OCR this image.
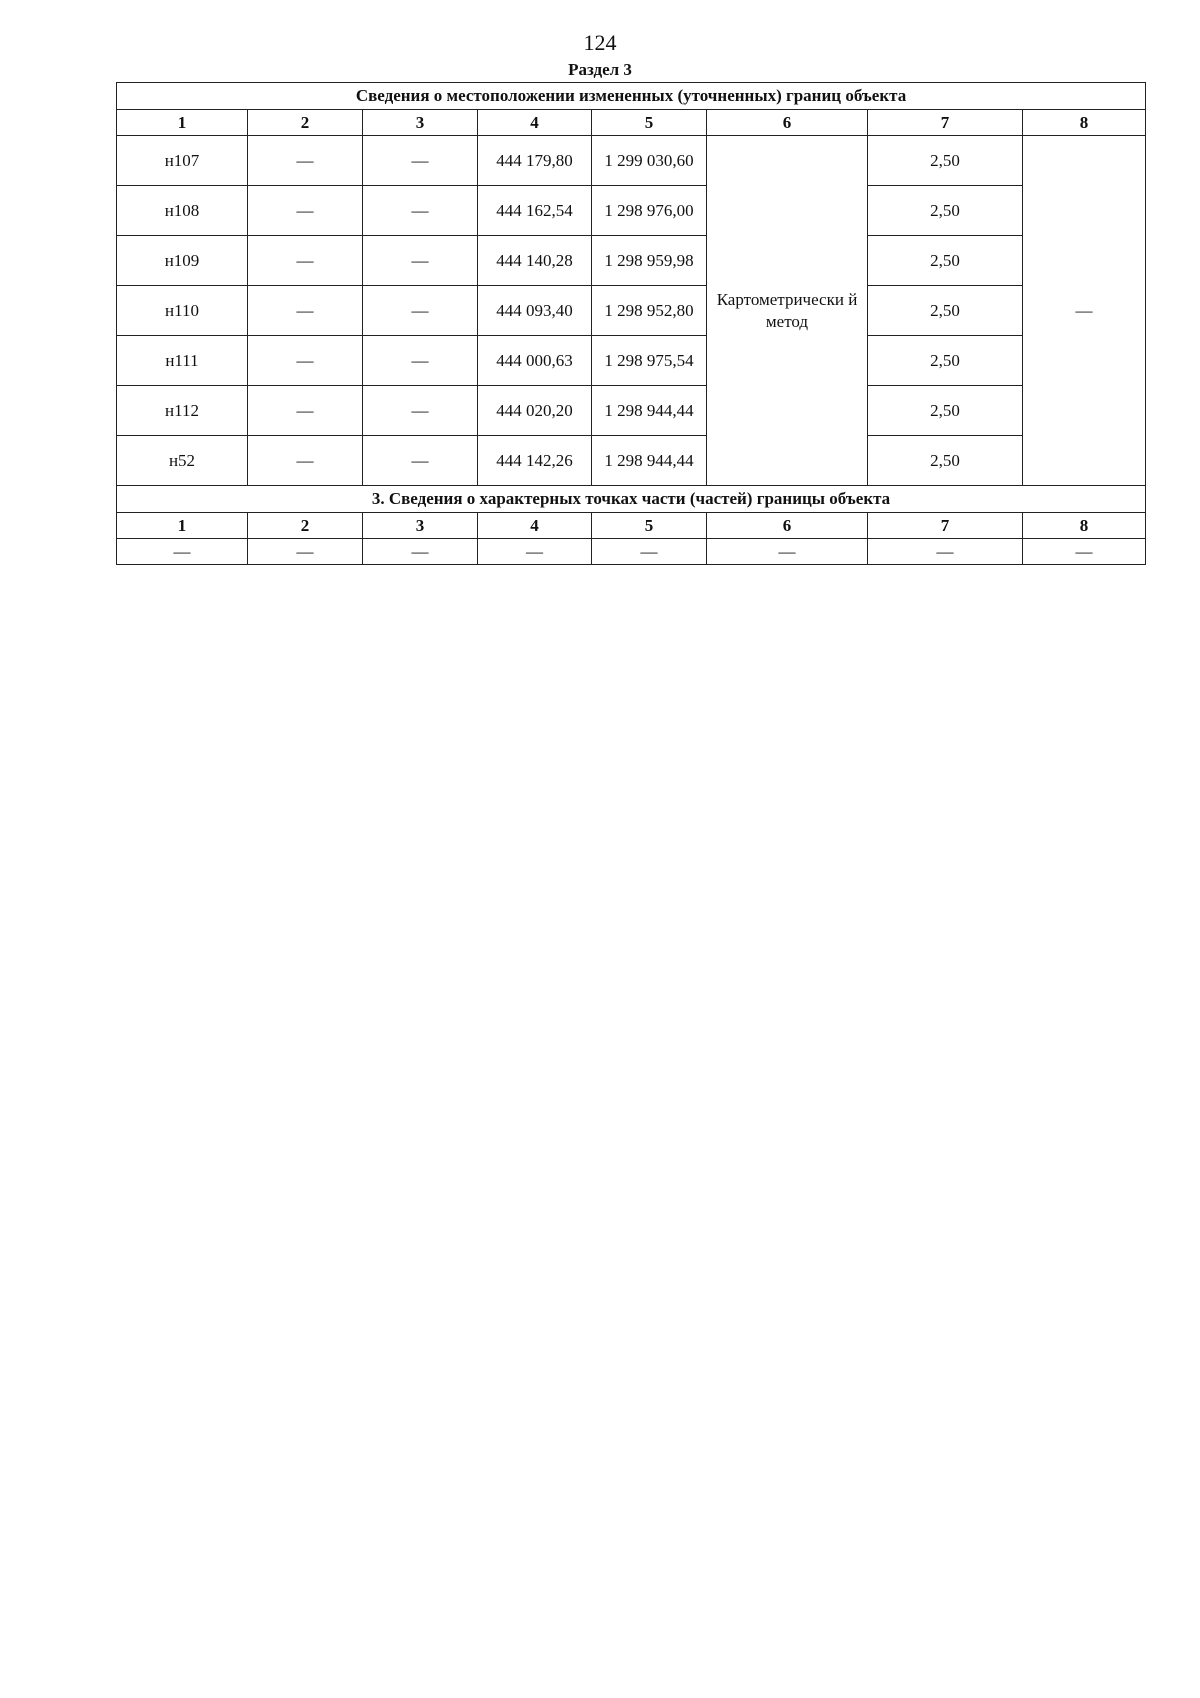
124
Раздел 3
Сведения о местоположении измененных (уточненных) границ объекта							
1	2	3	4	5	6	7	8
н107	—	—	444 179,80	1 299 030,60	Картометрически й метод	2,50	—
н108	—	—	444 162,54	1 298 976,00		2,50	
н109	—	—	444 140,28	1 298 959,98		2,50	
н110	—	—	444 093,40	1 298 952,80		2,50	
н111	—	—	444 000,63	1 298 975,54		2,50	
н112	—	—	444 020,20	1 298 944,44		2,50	
н52	—	—	444 142,26	1 298 944,44		2,50	
3. Сведения о характерных точках части (частей) границы объекта							
1	2	3	4	5	6	7	8
—	—	—	—	—	—	—	—
